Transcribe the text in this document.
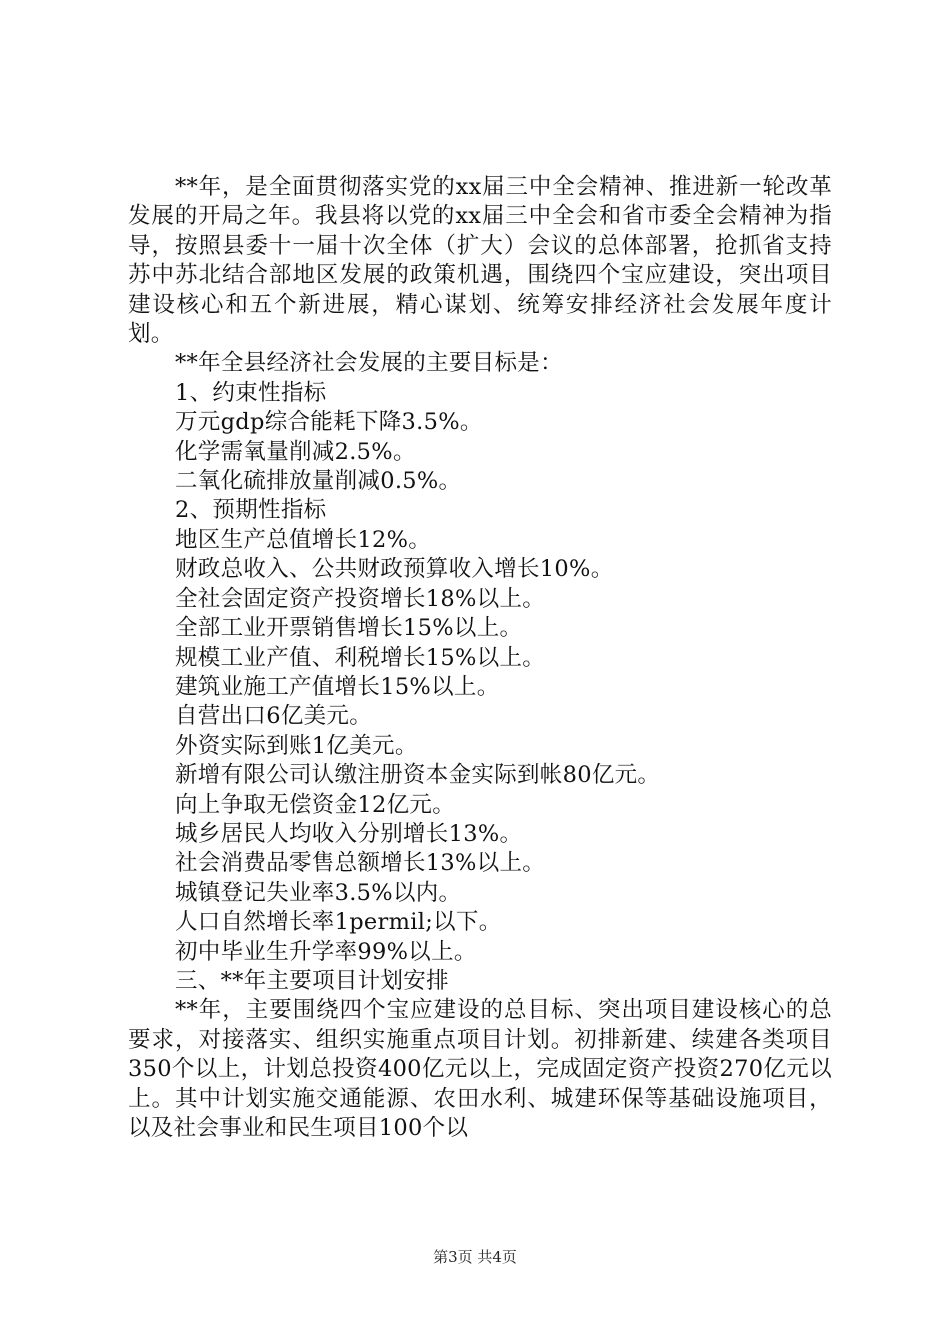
**年，是全面贯彻落实党的xx届三中全会精神、推进新一轮改革发展的开局之年。我县将以党的xx届三中全会和省市委全会精神为指导，按照县委十一届十次全体（扩大）会议的总体部署，抢抓省支持苏中苏北结合部地区发展的政策机遇，围绕四个宝应建设，突出项目建设核心和五个新进展，精心谋划、统筹安排经济社会发展年度计划。

**年全县经济社会发展的主要目标是：

1、约束性指标

万元gdp综合能耗下降3.5%。

化学需氧量削减2.5%。

二氧化硫排放量削减0.5%。

2、预期性指标

地区生产总值增长12%。

财政总收入、公共财政预算收入增长10%。

全社会固定资产投资增长18%以上。

全部工业开票销售增长15%以上。

规模工业产值、利税增长15%以上。

建筑业施工产值增长15%以上。

自营出口6亿美元。

外资实际到账1亿美元。

新增有限公司认缴注册资本金实际到帐80亿元。

向上争取无偿资金12亿元。

城乡居民人均收入分别增长13%。

社会消费品零售总额增长13%以上。

城镇登记失业率3.5%以内。

人口自然增长率1permil;以下。

初中毕业生升学率99%以上。

三、**年主要项目计划安排

**年，主要围绕四个宝应建设的总目标、突出项目建设核心的总要求，对接落实、组织实施重点项目计划。初排新建、续建各类项目350个以上，计划总投资400亿元以上，完成固定资产投资270亿元以上。其中计划实施交通能源、农田水利、城建环保等基础设施项目，以及社会事业和民生项目100个以

第3页 共4页
